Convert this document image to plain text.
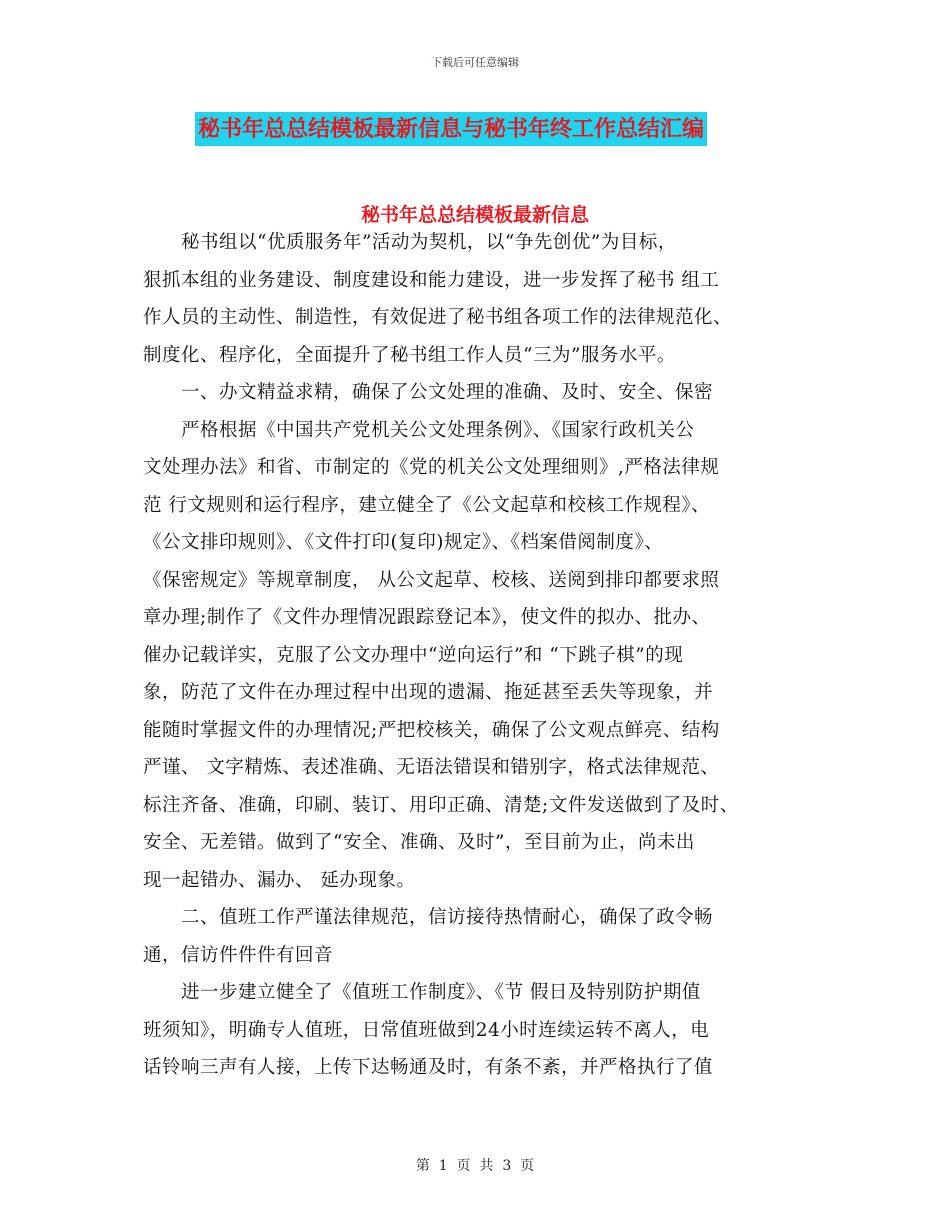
下载后可任意编辑
秘书年总总结模板最新信息与秘书年终工作总结汇编
秘书年总总结模板最新信息
　　秘书组以“优质服务年”活动为契机，以“争先创优”为目标，
狠抓本组的业务建设、制度建设和能力建设，进一步发挥了秘书 组工
作人员的主动性、制造性，有效促进了秘书组各项工作的法律规范化、
制度化、程序化，全面提升了秘书组工作人员“三为”服务水平。
　　一、办文精益求精，确保了公文处理的准确、及时、安全、保密
　　严格根据《中国共产党机关公文处理条例》、《国家行政机关公
文处理办法》和省、市制定的《党的机关公文处理细则》,严格法律规
范 行文规则和运行程序，建立健全了《公文起草和校核工作规程》、
《公文排印规则》、《文件打印(复印)规定》、《档案借阅制度》、
《保密规定》等规章制度， 从公文起草、校核、送阅到排印都要求照
章办理;制作了《文件办理情况跟踪登记本》，使文件的拟办、批办、
催办记载详实，克服了公文办理中“逆向运行”和 “下跳子棋”的现
象，防范了文件在办理过程中出现的遗漏、拖延甚至丢失等现象，并
能随时掌握文件的办理情况;严把校核关，确保了公文观点鲜亮、结构
严谨、 文字精炼、表述准确、无语法错误和错别字，格式法律规范、
标注齐备、准确，印刷、装订、用印正确、清楚;文件发送做到了及时、
安全、无差错。做到了“安全、准确、及时”，至目前为止，尚未出
现一起错办、漏办、 延办现象。
　　二、值班工作严谨法律规范，信访接待热情耐心，确保了政令畅
通，信访件件件有回音
　　进一步建立健全了《值班工作制度》、《节 假日及特别防护期值
班须知》，明确专人值班，日常值班做到24小时连续运转不离人，电
话铃响三声有人接，上传下达畅通及时，有条不紊，并严格执行了值
第  1  页  共  3  页
